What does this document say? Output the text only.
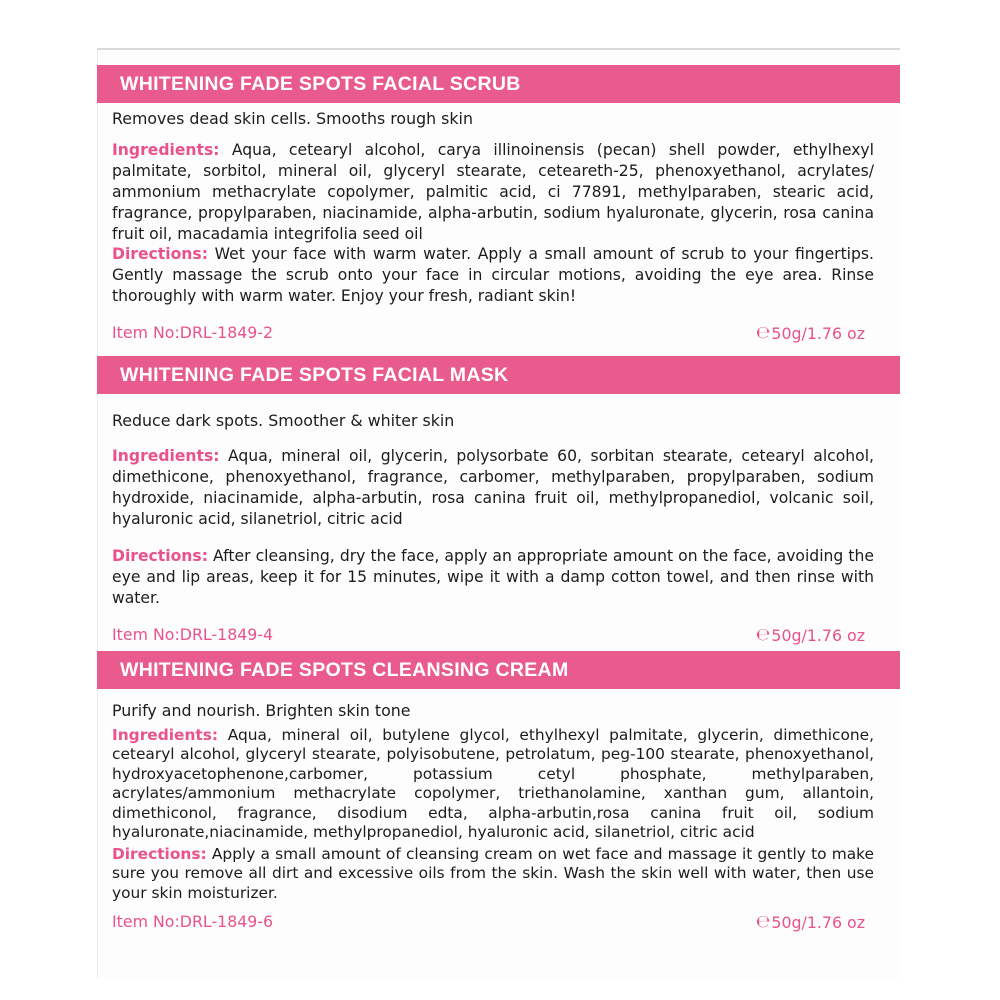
WHITENING FADE SPOTS FACIAL SCRUB
Removes dead skin cells. Smooths rough skin
Ingredients: Aqua, cetearyl alcohol, carya illinoinensis (pecan) shell powder, ethylhexyl palmitate, sorbitol, mineral oil, glyceryl stearate, ceteareth-25, phenoxyethanol, acrylates/ ammonium methacrylate copolymer, palmitic acid, ci 77891, methylparaben, stearic acid, fragrance, propylparaben, niacinamide, alpha-arbutin, sodium hyaluronate, glycerin, rosa canina fruit oil, macadamia integrifolia seed oil
Directions: Wet your face with warm water. Apply a small amount of scrub to your fingertips. Gently massage the scrub onto your face in circular motions, avoiding the eye area. Rinse thoroughly with warm water. Enjoy your fresh, radiant skin!
Item No:DRL-1849-2	℮ 50g/1.76 oz
WHITENING FADE SPOTS FACIAL MASK
Reduce dark spots. Smoother & whiter skin
Ingredients: Aqua, mineral oil, glycerin, polysorbate 60, sorbitan stearate, cetearyl alcohol, dimethicone, phenoxyethanol, fragrance, carbomer, methylparaben, propylparaben, sodium hydroxide, niacinamide, alpha-arbutin, rosa canina fruit oil, methylpropanediol, volcanic soil, hyaluronic acid, silanetriol, citric acid
Directions: After cleansing, dry the face, apply an appropriate amount on the face, avoiding the eye and lip areas, keep it for 15 minutes, wipe it with a damp cotton towel, and then rinse with water.
Item No:DRL-1849-4	℮ 50g/1.76 oz
WHITENING FADE SPOTS CLEANSING CREAM
Purify and nourish. Brighten skin tone
Ingredients: Aqua, mineral oil, butylene glycol, ethylhexyl palmitate, glycerin, dimethicone, cetearyl alcohol, glyceryl stearate, polyisobutene, petrolatum, peg-100 stearate, phenoxyethanol, hydroxyacetophenone,carbomer, potassium cetyl phosphate, methylparaben, acrylates/ammonium methacrylate copolymer, triethanolamine, xanthan gum, allantoin, dimethiconol, fragrance, disodium edta, alpha-arbutin,rosa canina fruit oil, sodium hyaluronate,niacinamide, methylpropanediol, hyaluronic acid, silanetriol, citric acid
Directions: Apply a small amount of cleansing cream on wet face and massage it gently to make sure you remove all dirt and excessive oils from the skin. Wash the skin well with water, then use your skin moisturizer.
Item No:DRL-1849-6	℮ 50g/1.76 oz
